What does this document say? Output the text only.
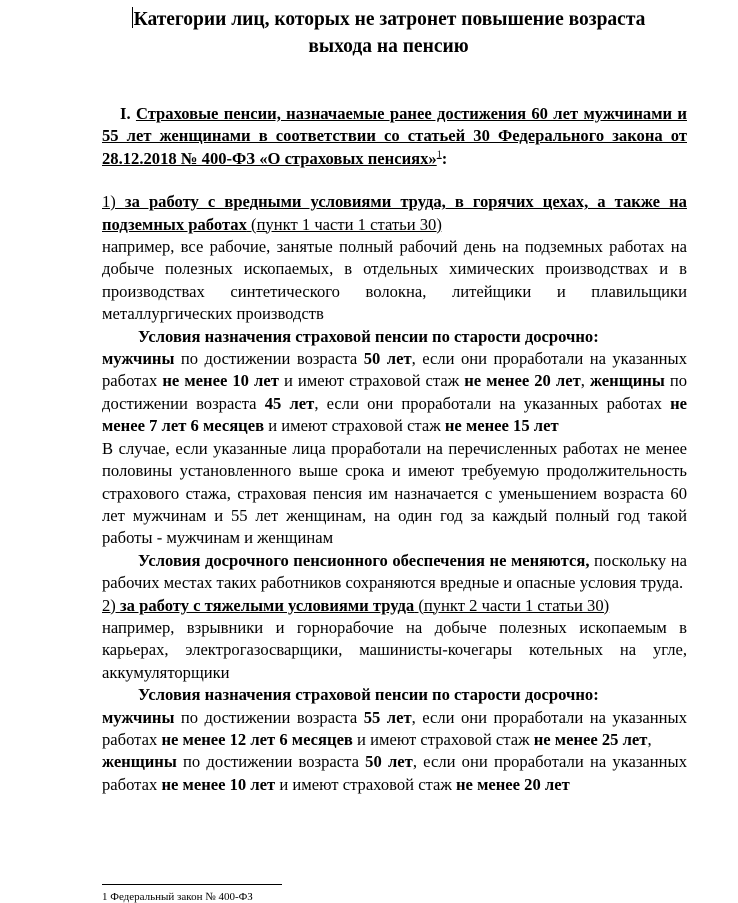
Категории лиц, которых не затронет повышение возраста
выхода на пенсию

I. Страховые пенсии, назначаемые ранее достижения 60 лет мужчинами и 55 лет женщинами в соответствии со статьей 30 Федерального закона от 28.12.2018 № 400-ФЗ «О страховых пенсиях»$^1$:

1) за работу с вредными условиями труда, в горячих цехах, а также на подземных работах (пункт 1 части 1 статьи 30)

например, все рабочие, занятые полный рабочий день на подземных работах на добыче полезных ископаемых, в отдельных химических производствах и в производствах синтетического волокна, литейщики и плавильщики металлургических производств

Условия назначения страховой пенсии по старости досрочно:

мужчины по достижении возраста 50 лет, если они проработали на указанных работах не менее 10 лет и имеют страховой стаж не менее 20 лет, женщины по достижении возраста 45 лет, если они проработали на указанных работах не менее 7 лет 6 месяцев и имеют страховой стаж не менее 15 лет

В случае, если указанные лица проработали на перечисленных работах не менее половины установленного выше срока и имеют требуемую продолжительность страхового стажа, страховая пенсия им назначается с уменьшением возраста 60 лет мужчинам и 55 лет женщинам, на один год за каждый полный год такой работы - мужчинам и женщинам

Условия досрочного пенсионного обеспечения не меняются, поскольку на рабочих местах таких работников сохраняются вредные и опасные условия труда.

2) за работу с тяжелыми условиями труда (пункт 2 части 1 статьи 30)

например, взрывники и горнорабочие на добыче полезных ископаемым в карьерах, электрогазосварщики, машинисты-кочегары котельных на угле, аккумуляторщики

Условия назначения страховой пенсии по старости досрочно:

мужчины по достижении возраста 55 лет, если они проработали на указанных работах не менее 12 лет 6 месяцев и имеют страховой стаж не менее 25 лет,

женщины по достижении возраста 50 лет, если они проработали на указанных работах не менее 10 лет и имеют страховой стаж не менее 20 лет

1 Федеральный закон № 400-ФЗ
